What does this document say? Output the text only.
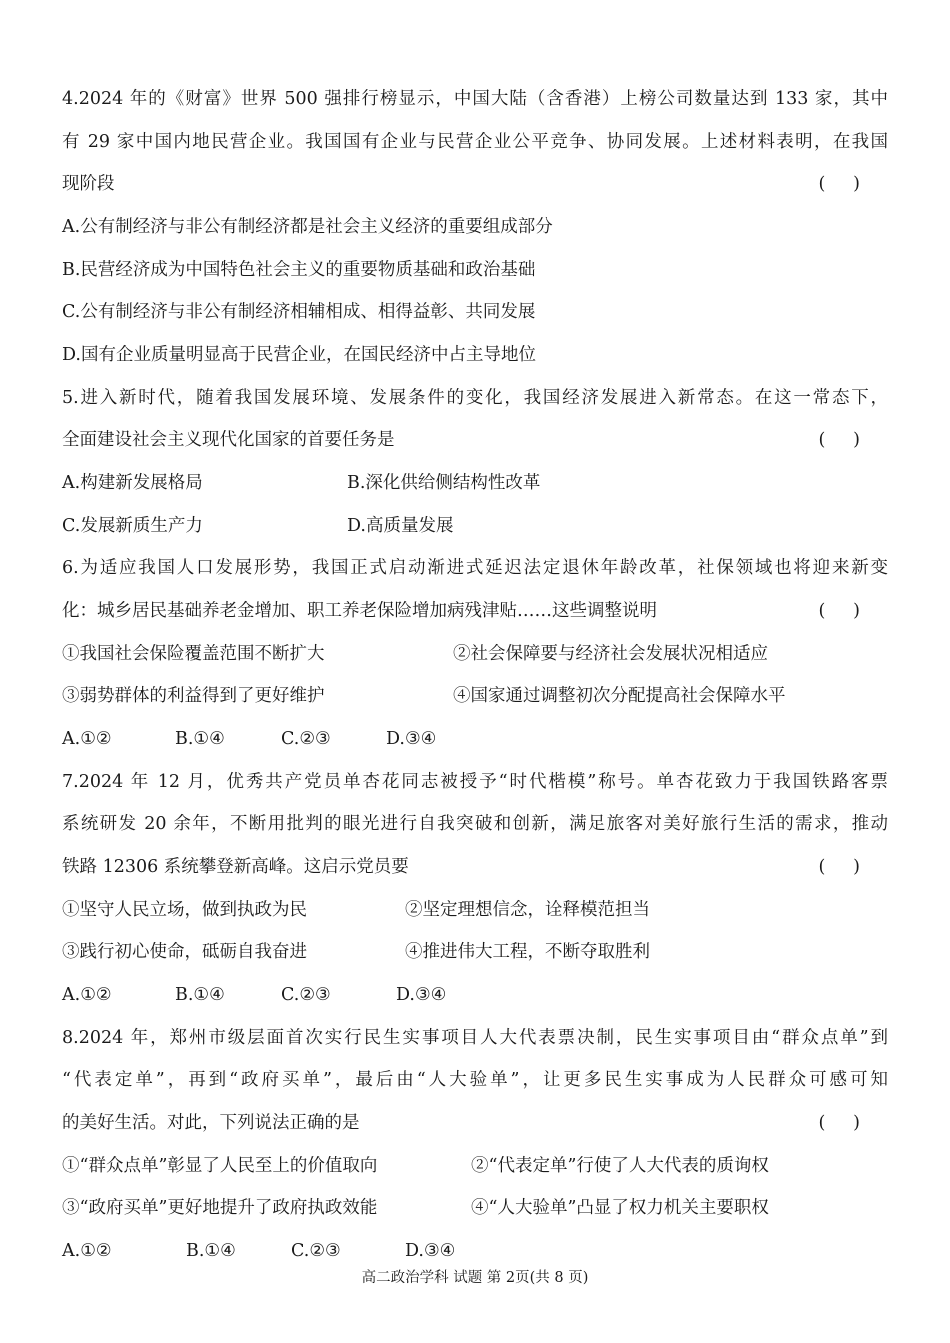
4.2024 年的《财富》世界 500 强排行榜显示，中国大陆（含香港）上榜公司数量达到 133 家，其中
有 29 家中国内地民营企业。我国国有企业与民营企业公平竞争、协同发展。上述材料表明，在我国
现阶段	(     )
A.公有制经济与非公有制经济都是社会主义经济的重要组成部分
B.民营经济成为中国特色社会主义的重要物质基础和政治基础
C.公有制经济与非公有制经济相辅相成、相得益彰、共同发展
D.国有企业质量明显高于民营企业，在国民经济中占主导地位
5.进入新时代，随着我国发展环境、发展条件的变化，我国经济发展进入新常态。在这一常态下，
全面建设社会主义现代化国家的首要任务是	(     )
A.构建新发展格局	B.深化供给侧结构性改革
C.发展新质生产力	D.高质量发展
6.为适应我国人口发展形势，我国正式启动渐进式延迟法定退休年龄改革，社保领域也将迎来新变
化：城乡居民基础养老金增加、职工养老保险增加病残津贴……这些调整说明	(     )
①我国社会保险覆盖范围不断扩大	②社会保障要与经济社会发展状况相适应
③弱势群体的利益得到了更好维护	④国家通过调整初次分配提高社会保障水平
A.①②	B.①④	C.②③	D.③④
7.2024 年 12 月，优秀共产党员单杏花同志被授予“时代楷模”称号。单杏花致力于我国铁路客票
系统研发 20 余年，不断用批判的眼光进行自我突破和创新，满足旅客对美好旅行生活的需求，推动
铁路 12306 系统攀登新高峰。这启示党员要	(     )
①坚守人民立场，做到执政为民	②坚定理想信念，诠释模范担当
③践行初心使命，砥砺自我奋进	④推进伟大工程，不断夺取胜利
A.①②	B.①④	C.②③	D.③④
8.2024 年，郑州市级层面首次实行民生实事项目人大代表票决制，民生实事项目由“群众点单”到
“代表定单”，再到“政府买单”，最后由“人大验单”，让更多民生实事成为人民群众可感可知
的美好生活。对此，下列说法正确的是	(     )
①“群众点单”彰显了人民至上的价值取向	②“代表定单”行使了人大代表的质询权
③“政府买单”更好地提升了政府执政效能	④“人大验单”凸显了权力机关主要职权
A.①②	B.①④	C.②③	D.③④
高二政治学科 试题 第 2页(共 8 页)
